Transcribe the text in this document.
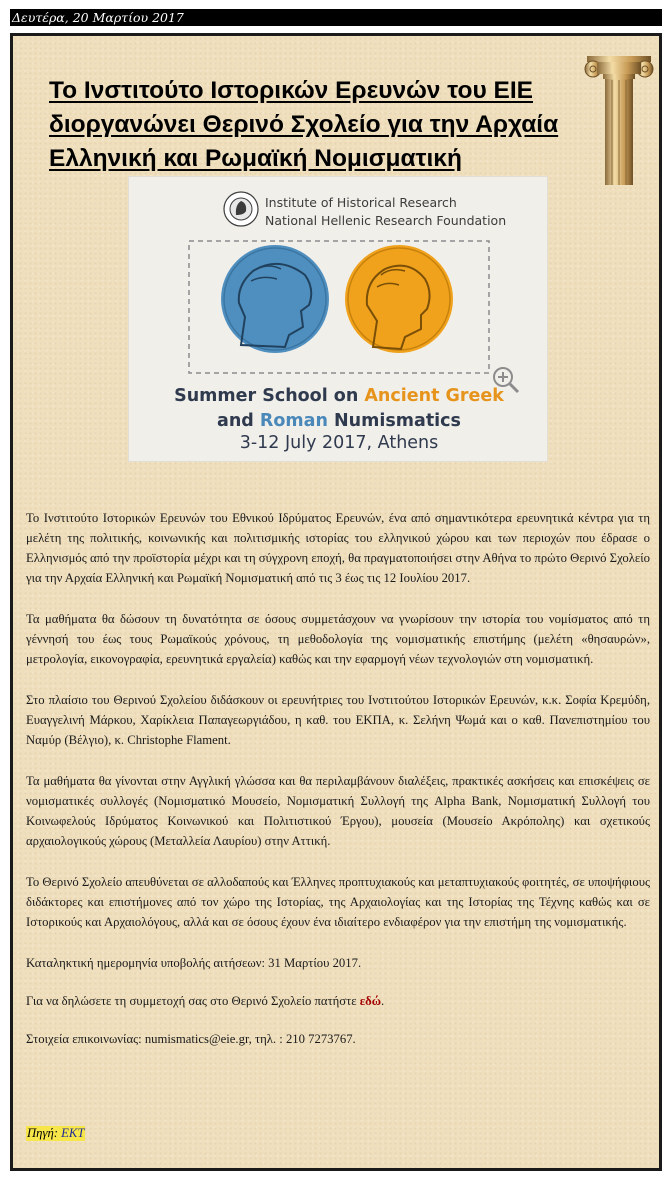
Δευτέρα, 20 Μαρτίου 2017
Το Ινστιτούτο Ιστορικών Ερευνών του ΕΙΕ διοργανώνει Θερινό Σχολείο για την Αρχαία Ελληνική και Ρωμαϊκή Νομισματική
Institute of Historical Research
National Hellenic Research Foundation
Summer School on Ancient Greek
and Roman Numismatics
3-12 July 2017, Athens

Το Ινστιτούτο Ιστορικών Ερευνών του Εθνικού Ιδρύματος Ερευνών, ένα από σημαντικότερα ερευνητικά κέντρα για τη μελέτη της πολιτικής, κοινωνικής και πολιτισμικής ιστορίας του ελληνικού χώρου και των περιοχών που έδρασε ο Ελληνισμός από την προϊστορία μέχρι και τη σύγχρονη εποχή, θα πραγματοποιήσει στην Αθήνα το πρώτο Θερινό Σχολείο για την Αρχαία Ελληνική και Ρωμαϊκή Νομισματική από τις 3 έως τις 12 Ιουλίου 2017.

Τα μαθήματα θα δώσουν τη δυνατότητα σε όσους συμμετάσχουν να γνωρίσουν την ιστορία του νομίσματος από τη γέννησή του έως τους Ρωμαϊκούς χρόνους, τη μεθοδολογία της νομισματικής επιστήμης (μελέτη «θησαυρών», μετρολογία, εικονογραφία, ερευνητικά εργαλεία) καθώς και την εφαρμογή νέων τεχνολογιών στη νομισματική.

Στο πλαίσιο του Θερινού Σχολείου διδάσκουν οι ερευνήτριες του Ινστιτούτου Ιστορικών Ερευνών, κ.κ. Σοφία Κρεμύδη, Ευαγγελινή Μάρκου, Χαρίκλεια Παπαγεωργιάδου, η καθ. του ΕΚΠΑ, κ. Σελήνη Ψωμά και ο καθ. Πανεπιστημίου του Ναμύρ (Βέλγιο), κ. Christophe Flament.

Τα μαθήματα θα γίνονται στην Αγγλική γλώσσα και θα περιλαμβάνουν διαλέξεις, πρακτικές ασκήσεις και επισκέψεις σε νομισματικές συλλογές (Νομισματικό Μουσείο, Νομισματική Συλλογή της Alpha Bank, Νομισματική Συλλογή του Κοινωφελούς Ιδρύματος Κοινωνικού και Πολιτιστικού Έργου), μουσεία (Μουσείο Ακρόπολης) και σχετικούς αρχαιολογικούς χώρους (Μεταλλεία Λαυρίου) στην Αττική.

Το Θερινό Σχολείο απευθύνεται σε αλλοδαπούς και Έλληνες προπτυχιακούς και μεταπτυχιακούς φοιτητές, σε υποψήφιους διδάκτορες και επιστήμονες από τον χώρο της Ιστορίας, της Αρχαιολογίας και της Ιστορίας της Τέχνης καθώς και σε Ιστορικούς και Αρχαιολόγους, αλλά και σε όσους έχουν ένα ιδιαίτερο ενδιαφέρον για την επιστήμη της νομισματικής.

Καταληκτική ημερομηνία υποβολής αιτήσεων: 31 Μαρτίου 2017.

Για να δηλώσετε τη συμμετοχή σας στο Θερινό Σχολείο πατήστε εδώ.

Στοιχεία επικοινωνίας: numismatics@eie.gr, τηλ. : 210 7273767.

Πηγή: ΕΚΤ
